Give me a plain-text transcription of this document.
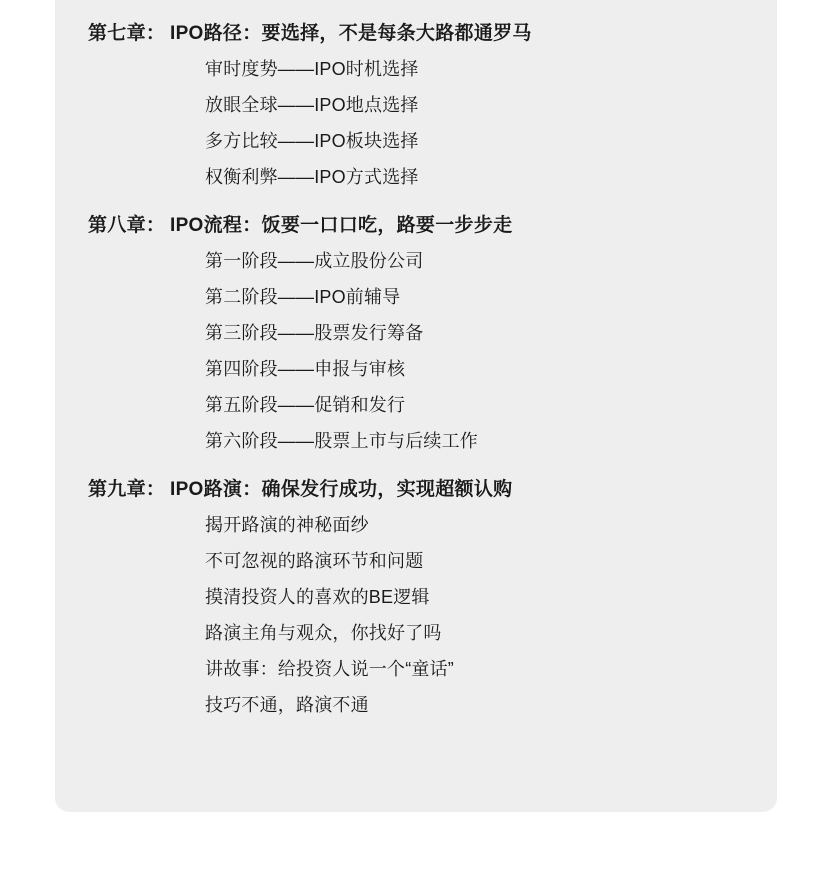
第七章： IPO路径：要选择，不是每条大路都通罗马
审时度势——IPO时机选择
放眼全球——IPO地点选择
多方比较——IPO板块选择
权衡利弊——IPO方式选择
第八章： IPO流程：饭要一口口吃，路要一步步走
第一阶段——成立股份公司
第二阶段——IPO前辅导
第三阶段——股票发行筹备
第四阶段——申报与审核
第五阶段——促销和发行
第六阶段——股票上市与后续工作
第九章： IPO路演：确保发行成功，实现超额认购
揭开路演的神秘面纱
不可忽视的路演环节和问题
摸清投资人的喜欢的BE逻辑
路演主角与观众，你找好了吗
讲故事：给投资人说一个“童话”
技巧不通，路演不通
